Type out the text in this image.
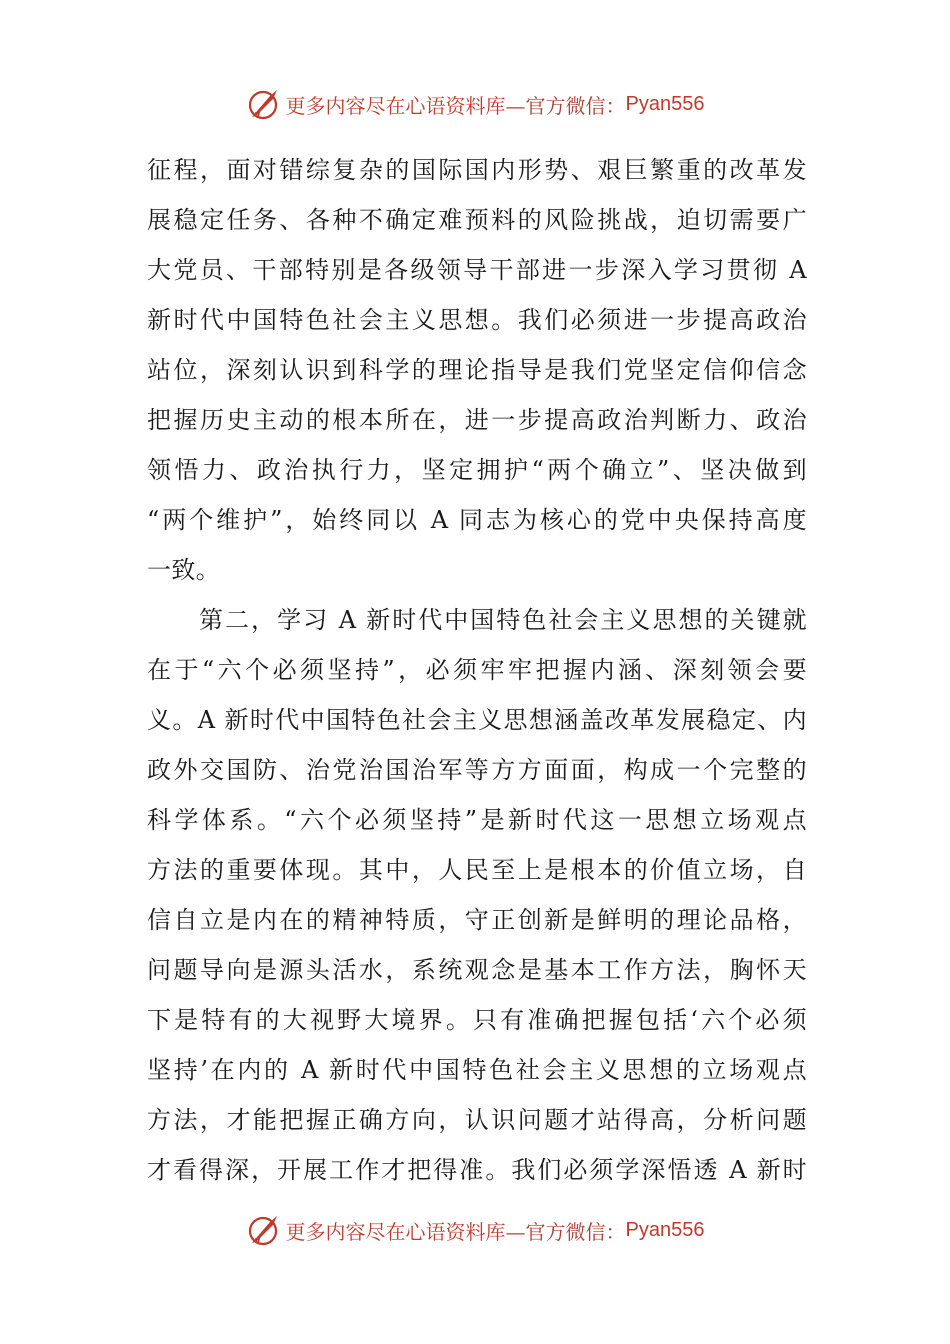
更多内容尽在心语资料库— 官方微信： Pyan556
征程，面对错综复杂的国际国内形势、艰巨繁重的改革发
展稳定任务、各种不确定难预料的风险挑战，迫切需要广
大党员、干部特别是各级领导干部进一步深入学习贯彻 A
新时代中国特色社会主义思想。我们必须进一步提高政治
站位，深刻认识到科学的理论指导是我们党坚定信仰信念
把握历史主动的根本所在，进一步提高政治判断力、政治
领悟力、政治执行力，坚定拥护“两个确立”、坚决做到
“两个维护”，始终同以 A 同志为核心的党中央保持高度
一致。
第二，学习 A 新时代中国特色社会主义思想的关键就
在于“六个必须坚持”，必须牢牢把握内涵、深刻领会要
义。A 新时代中国特色社会主义思想涵盖改革发展稳定、内
政外交国防、治党治国治军等方方面面，构成一个完整的
科学体系。“六个必须坚持”是新时代这一思想立场观点
方法的重要体现。其中，人民至上是根本的价值立场，自
信自立是内在的精神特质，守正创新是鲜明的理论品格，
问题导向是源头活水，系统观念是基本工作方法，胸怀天
下是特有的大视野大境界。只有准确把握包括‘六个必须
坚持’在内的 A 新时代中国特色社会主义思想的立场观点
方法，才能把握正确方向，认识问题才站得高，分析问题
才看得深，开展工作才把得准。我们必须学深悟透 A 新时
更多内容尽在心语资料库— 官方微信： Pyan556
